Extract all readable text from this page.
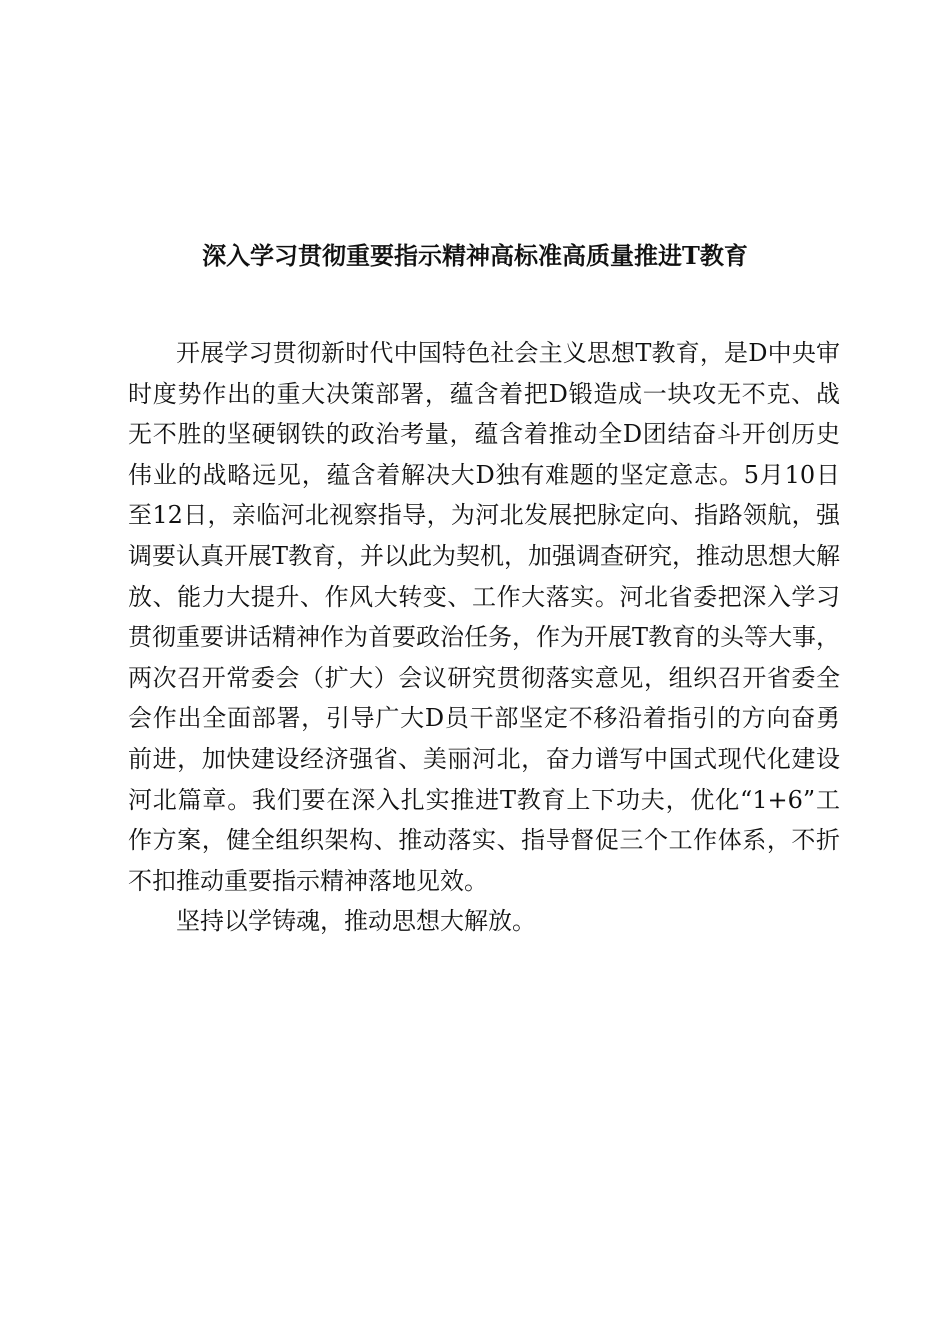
深入学习贯彻重要指示精神高标准高质量推进T教育

开展学习贯彻新时代中国特色社会主义思想T教育，是D中央审时度势作出的重大决策部署，蕴含着把D锻造成一块攻无不克、战无不胜的坚硬钢铁的政治考量，蕴含着推动全D团结奋斗开创历史伟业的战略远见，蕴含着解决大D独有难题的坚定意志。5月10日至12日，亲临河北视察指导，为河北发展把脉定向、指路领航，强调要认真开展T教育，并以此为契机，加强调查研究，推动思想大解放、能力大提升、作风大转变、工作大落实。河北省委把深入学习贯彻重要讲话精神作为首要政治任务，作为开展T教育的头等大事，两次召开常委会（扩大）会议研究贯彻落实意见，组织召开省委全会作出全面部署，引导广大D员干部坚定不移沿着指引的方向奋勇前进，加快建设经济强省、美丽河北，奋力谱写中国式现代化建设河北篇章。我们要在深入扎实推进T教育上下功夫，优化“1+6”工作方案，健全组织架构、推动落实、指导督促三个工作体系，不折不扣推动重要指示精神落地见效。

坚持以学铸魂，推动思想大解放。
